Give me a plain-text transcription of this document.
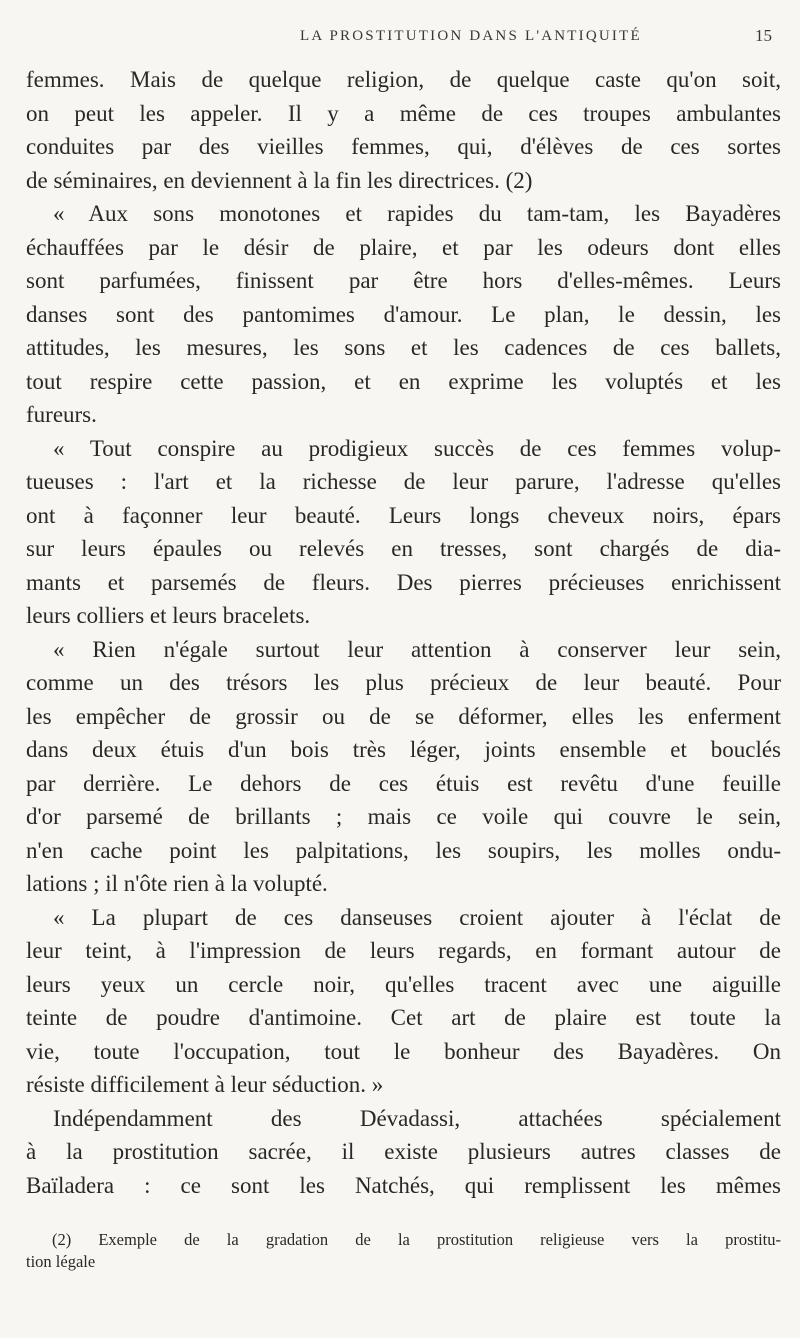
LA PROSTITUTION DANS L'ANTIQUITÉ	15
femmes. Mais de quelque religion, de quelque caste qu'on soit,
on peut les appeler. Il y a même de ces troupes ambulantes
conduites par des vieilles femmes, qui, d'élèves de ces sortes
de séminaires, en deviennent à la fin les directrices. (2)
« Aux sons monotones et rapides du tam-tam, les Bayadères
échauffées par le désir de plaire, et par les odeurs dont elles
sont parfumées, finissent par être hors d'elles-mêmes. Leurs
danses sont des pantomimes d'amour. Le plan, le dessin, les
attitudes, les mesures, les sons et les cadences de ces ballets,
tout respire cette passion, et en exprime les voluptés et les
fureurs.
« Tout conspire au prodigieux succès de ces femmes volup-
tueuses : l'art et la richesse de leur parure, l'adresse qu'elles
ont à façonner leur beauté. Leurs longs cheveux noirs, épars
sur leurs épaules ou relevés en tresses, sont chargés de dia-
mants et parsemés de fleurs. Des pierres précieuses enrichissent
leurs colliers et leurs bracelets.
« Rien n'égale surtout leur attention à conserver leur sein,
comme un des trésors les plus précieux de leur beauté. Pour
les empêcher de grossir ou de se déformer, elles les enferment
dans deux étuis d'un bois très léger, joints ensemble et bouclés
par derrière. Le dehors de ces étuis est revêtu d'une feuille
d'or parsemé de brillants ; mais ce voile qui couvre le sein,
n'en cache point les palpitations, les soupirs, les molles ondu-
lations ; il n'ôte rien à la volupté.
« La plupart de ces danseuses croient ajouter à l'éclat de
leur teint, à l'impression de leurs regards, en formant autour de
leurs yeux un cercle noir, qu'elles tracent avec une aiguille
teinte de poudre d'antimoine. Cet art de plaire est toute la
vie, toute l'occupation, tout le bonheur des Bayadères. On
résiste difficilement à leur séduction. »
Indépendamment des Dévadassi, attachées spécialement
à la prostitution sacrée, il existe plusieurs autres classes de
Baïladera : ce sont les Natchés, qui remplissent les mêmes
(2) Exemple de la gradation de la prostitution religieuse vers la prostitu-
tion légale
